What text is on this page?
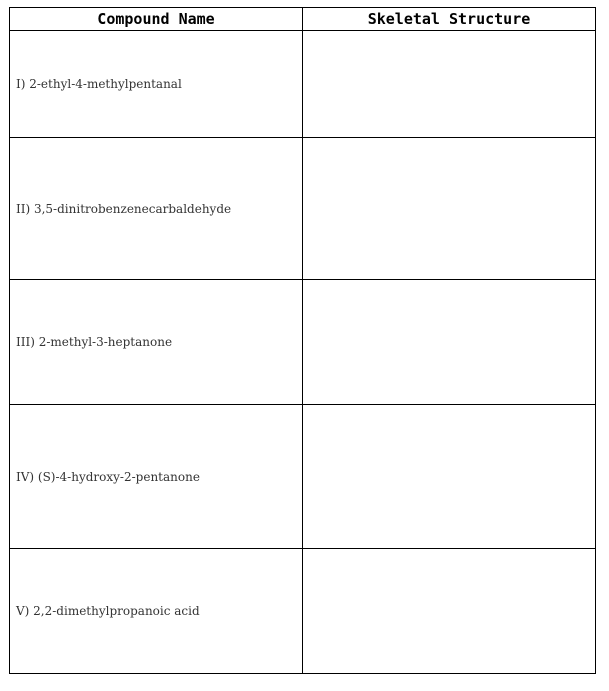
Compound Name	Skeletal Structure
I) 2-ethyl-4-methylpentanal	
II) 3,5-dinitrobenzenecarbaldehyde	
III) 2-methyl-3-heptanone	
IV) (S)-4-hydroxy-2-pentanone	
V) 2,2-dimethylpropanoic acid	
